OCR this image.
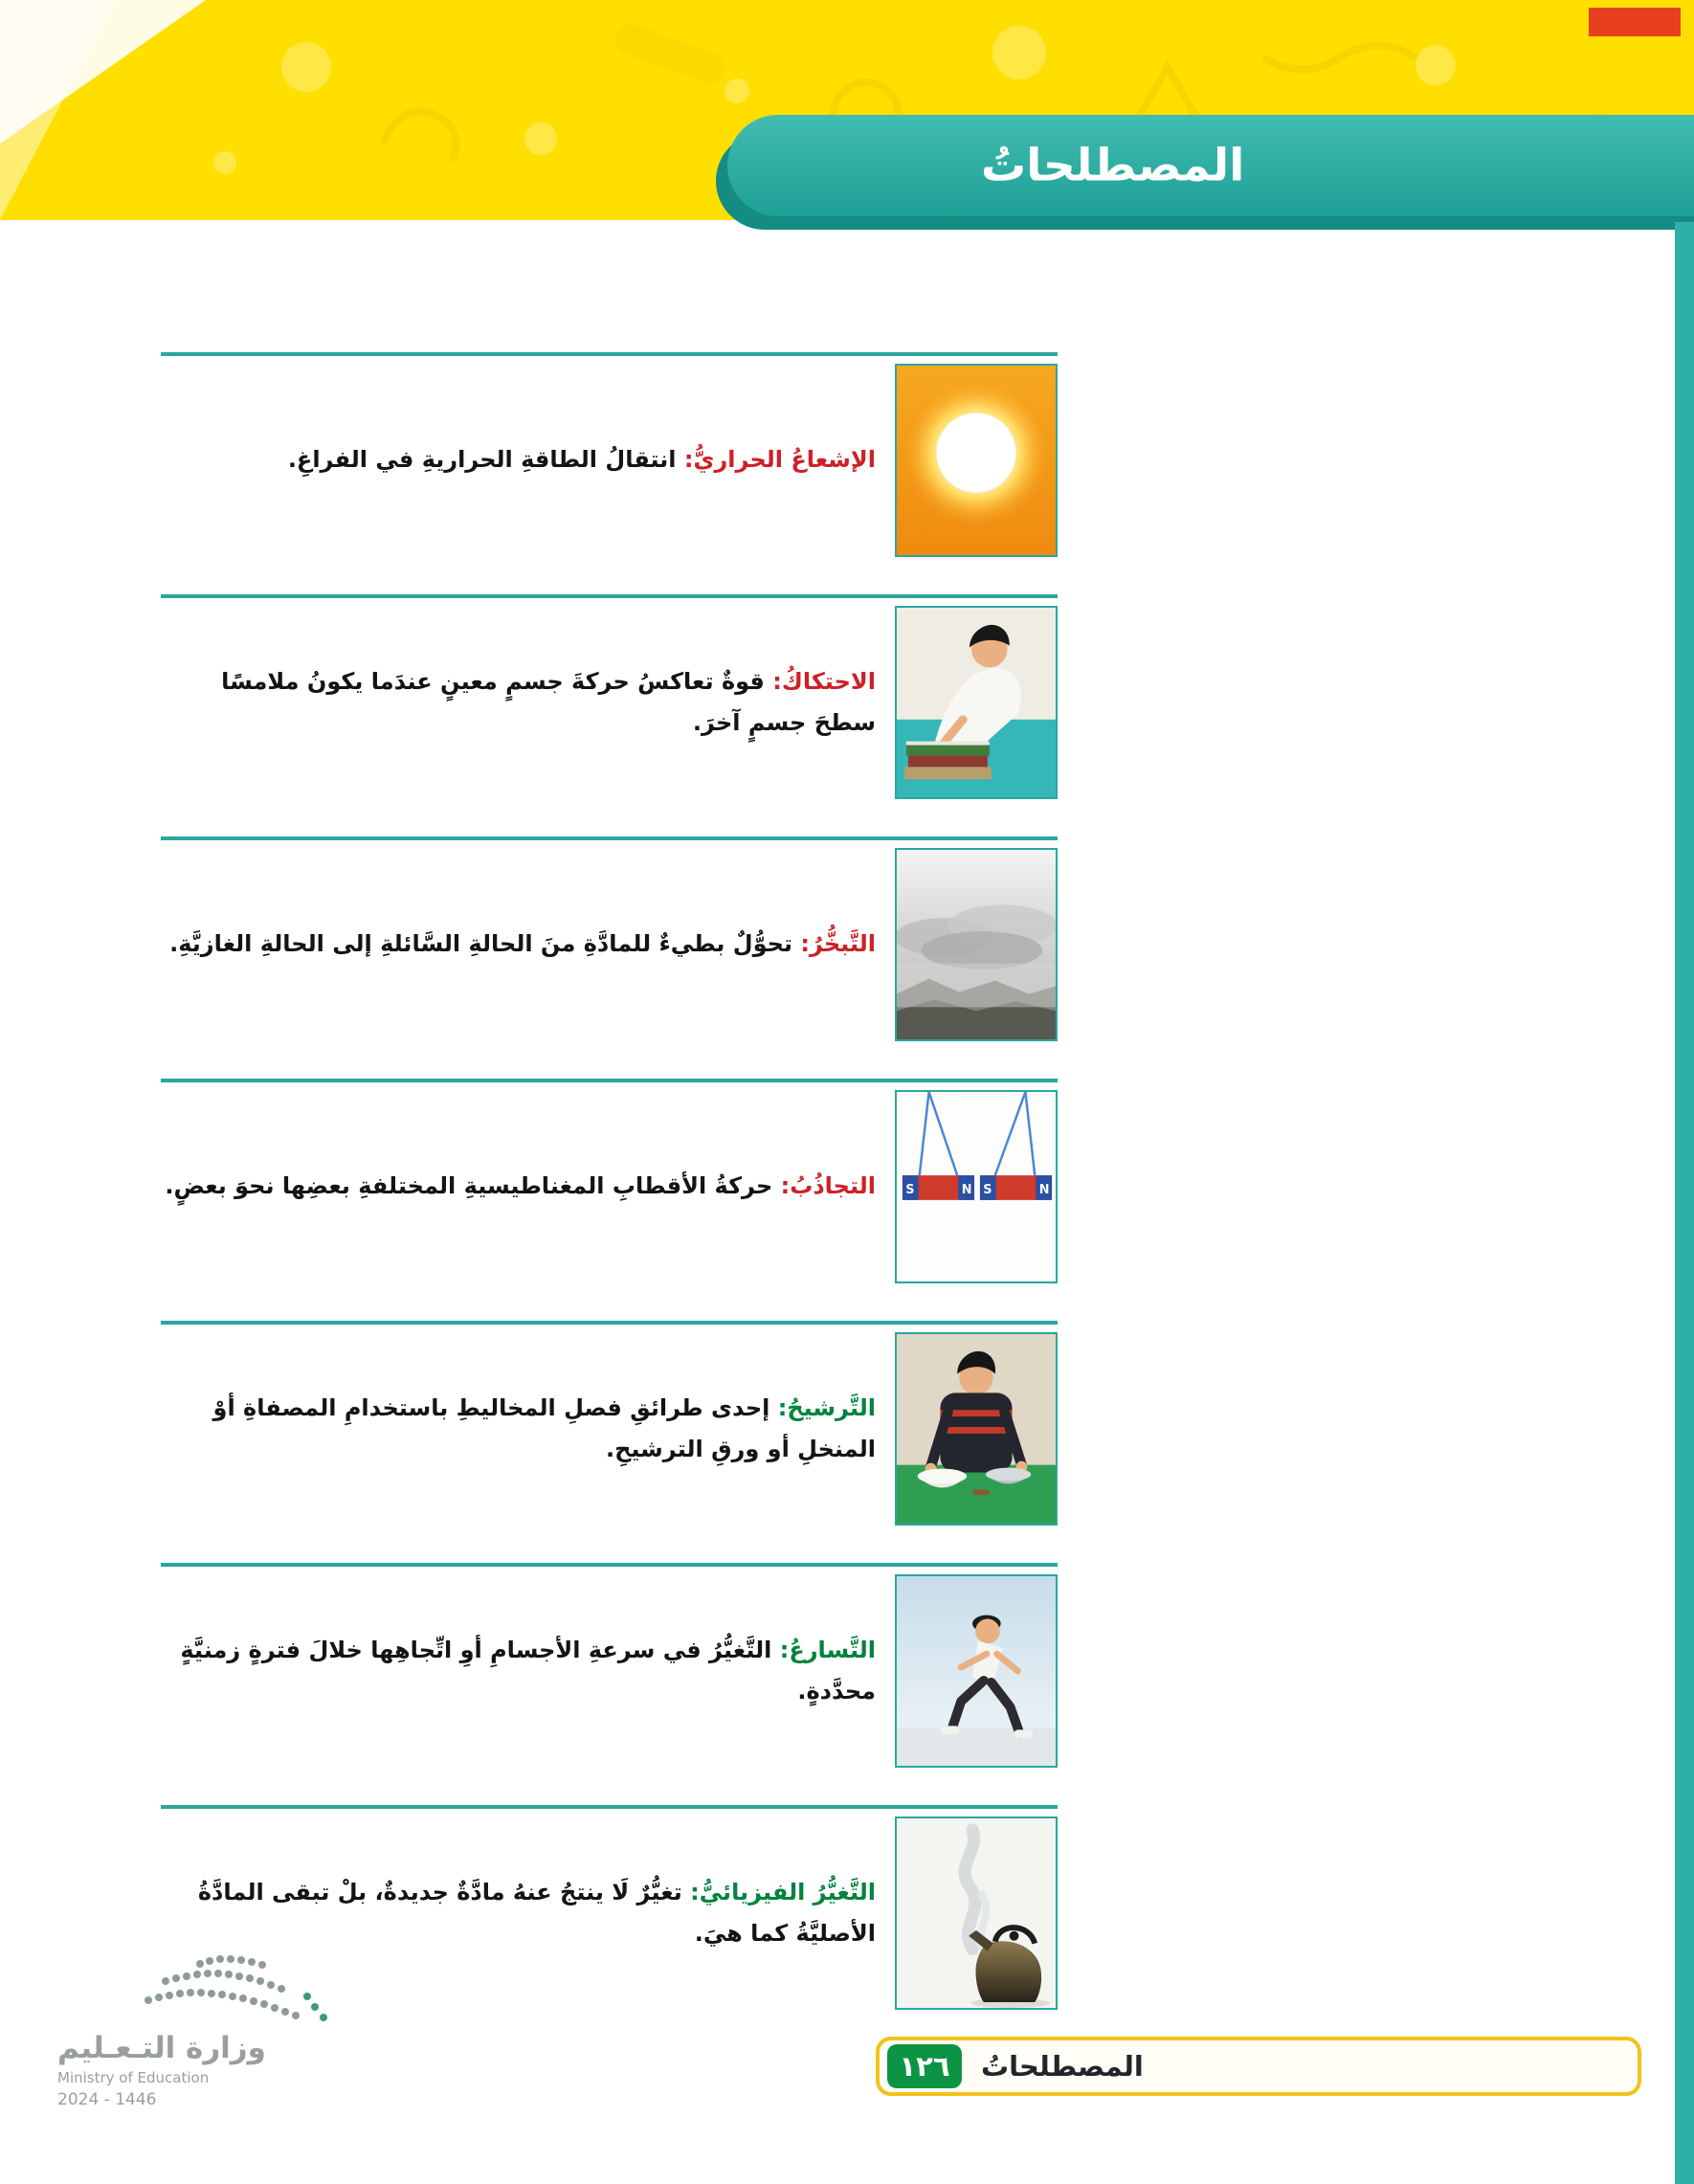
المصطلحاتُ

الإشعاعُ الحراريُّ: انتقالُ الطاقةِ الحراريةِ في الفراغِ.

الاحتكاكُ: قوةٌ تعاكسُ حركةَ جسمٍ معينٍ عندَما يكونُ ملامسًا سطحَ جسمٍ آخرَ.

التَّبخُّرُ: تحوُّلٌ بطيءٌ للمادَّةِ منَ الحالةِ السَّائلةِ إلى الحالةِ الغازيَّةِ.

التجاذُبُ: حركةُ الأقطابِ المغناطيسيةِ المختلفةِ بعضِها نحوَ بعضٍ.	S	N S	N

التَّرشيحُ: إحدى طرائقِ فصلِ المخاليطِ باستخدامِ المصفاةِ أوْ المنخلِ أو ورقِ الترشيحِ.

التَّسارعُ: التَّغيُّرُ في سرعةِ الأجسامِ أوِ اتِّجاهِها خلالَ فترةٍ زمنيَّةٍ محدَّدةٍ.

التَّغيُّرُ الفيزيائيُّ: تغيُّرٌ لَا ينتجُ عنهُ مادَّةٌ جديدةٌ، بلْ تبقى المادَّةُ الأصليَّةُ كما هيَ.

١٢٦ المصطلحاتُ
وزارة التـعـليم
Ministry of Education
2024 - 1446
